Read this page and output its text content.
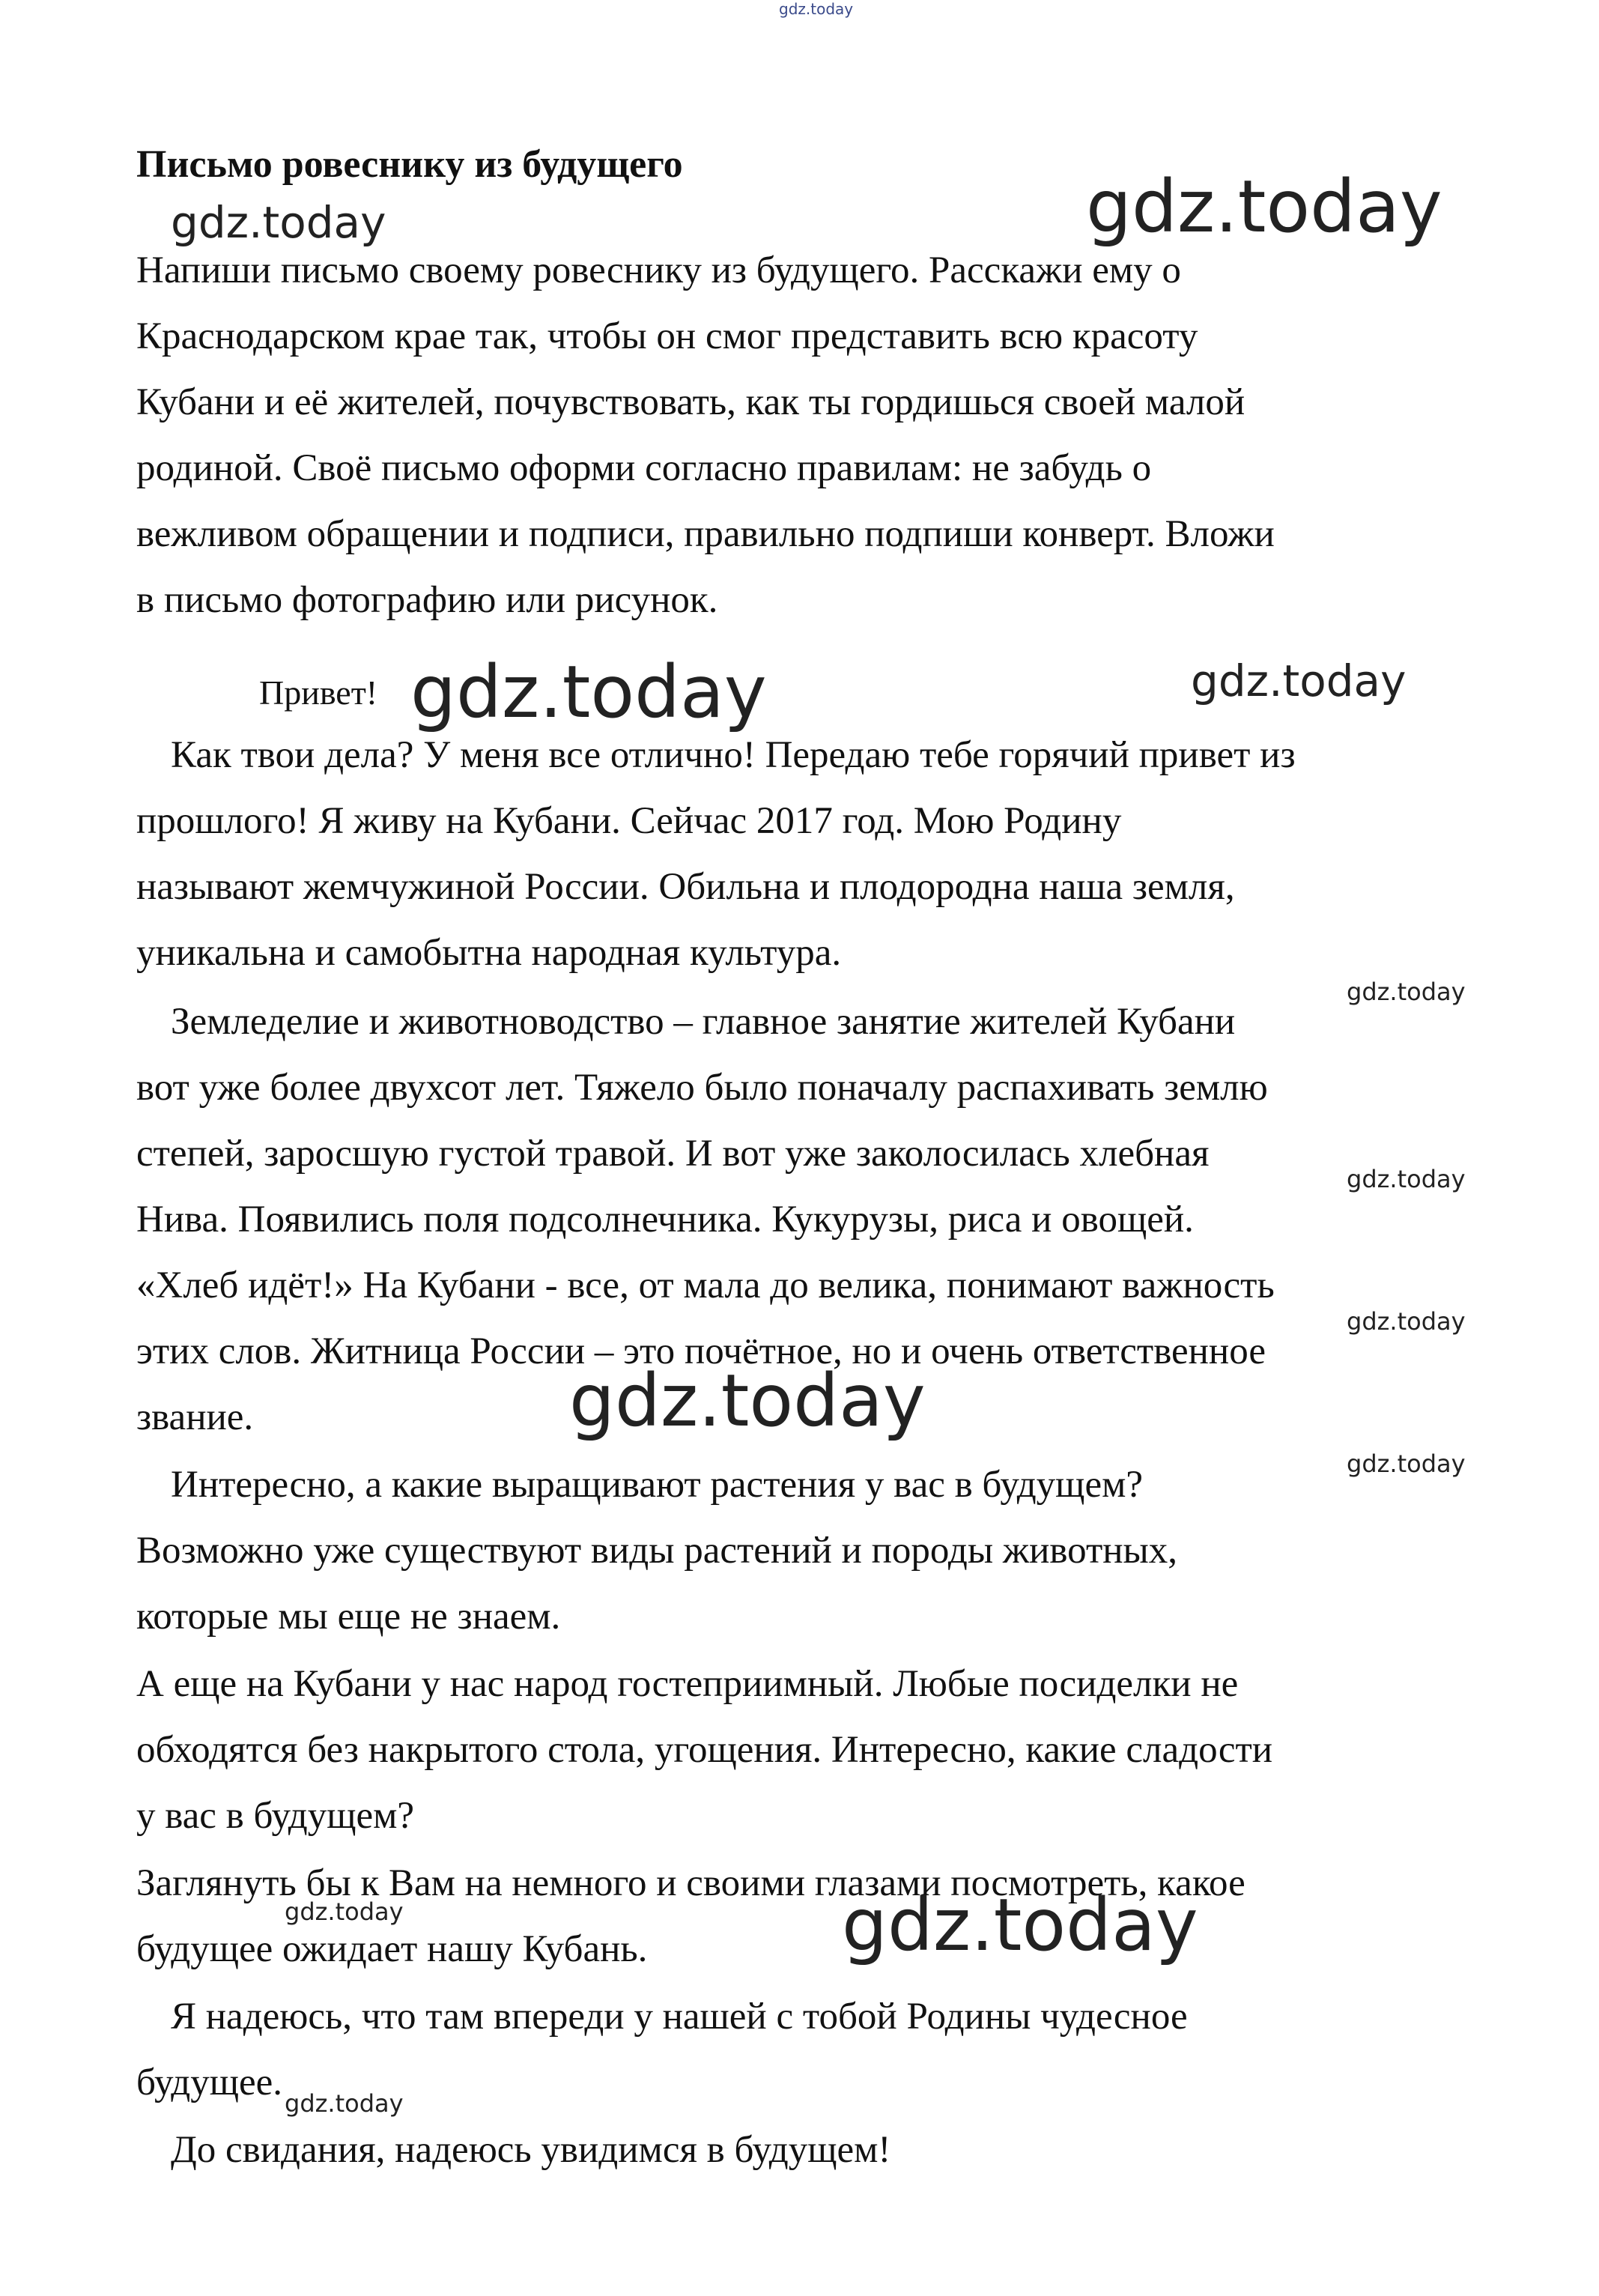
Письмо ровеснику из будущего
Напиши письмо своему ровеснику из будущего. Расскажи ему о
Краснодарском крае так, чтобы он смог представить всю красоту
Кубани и её жителей, почувствовать, как ты гордишься своей малой
родиной. Своё письмо оформи согласно правилам: не забудь о
вежливом обращении и подписи, правильно подпиши конверт. Вложи
в письмо фотографию или рисунок.
Привет!
Как твои дела? У меня все отлично! Передаю тебе горячий привет из
прошлого! Я живу на Кубани. Сейчас 2017 год. Мою Родину
называют жемчужиной России. Обильна и плодородна наша земля,
уникальна и самобытна народная культура.
Земледелие и животноводство – главное занятие жителей Кубани
вот уже более двухсот лет. Тяжело было поначалу распахивать землю
степей, заросшую густой травой. И вот уже заколосилась хлебная
Нива. Появились поля подсолнечника. Кукурузы, риса и овощей.
«Хлеб идёт!» На Кубани - все, от мала до велика, понимают важность
этих слов. Житница России – это почётное, но и очень ответственное
звание.
Интересно, а какие выращивают растения у вас в будущем?
Возможно уже существуют виды растений и породы животных,
которые мы еще не знаем.
А еще на Кубани у нас народ гостеприимный. Любые посиделки не
обходятся без накрытого стола, угощения. Интересно, какие сладости
у вас в будущем?
Заглянуть бы к Вам на немного и своими глазами посмотреть, какое
будущее ожидает нашу Кубань.
Я надеюсь, что там впереди у нашей с тобой Родины чудесное
будущее.
До свидания, надеюсь увидимся в будущем!
gdz.today
gdz.today	gdz.today
gdz.today	gdz.today
gdz.today
gdz.today
gdz.today
gdz.today
gdz.today
gdz.today	gdz.today
gdz.today
